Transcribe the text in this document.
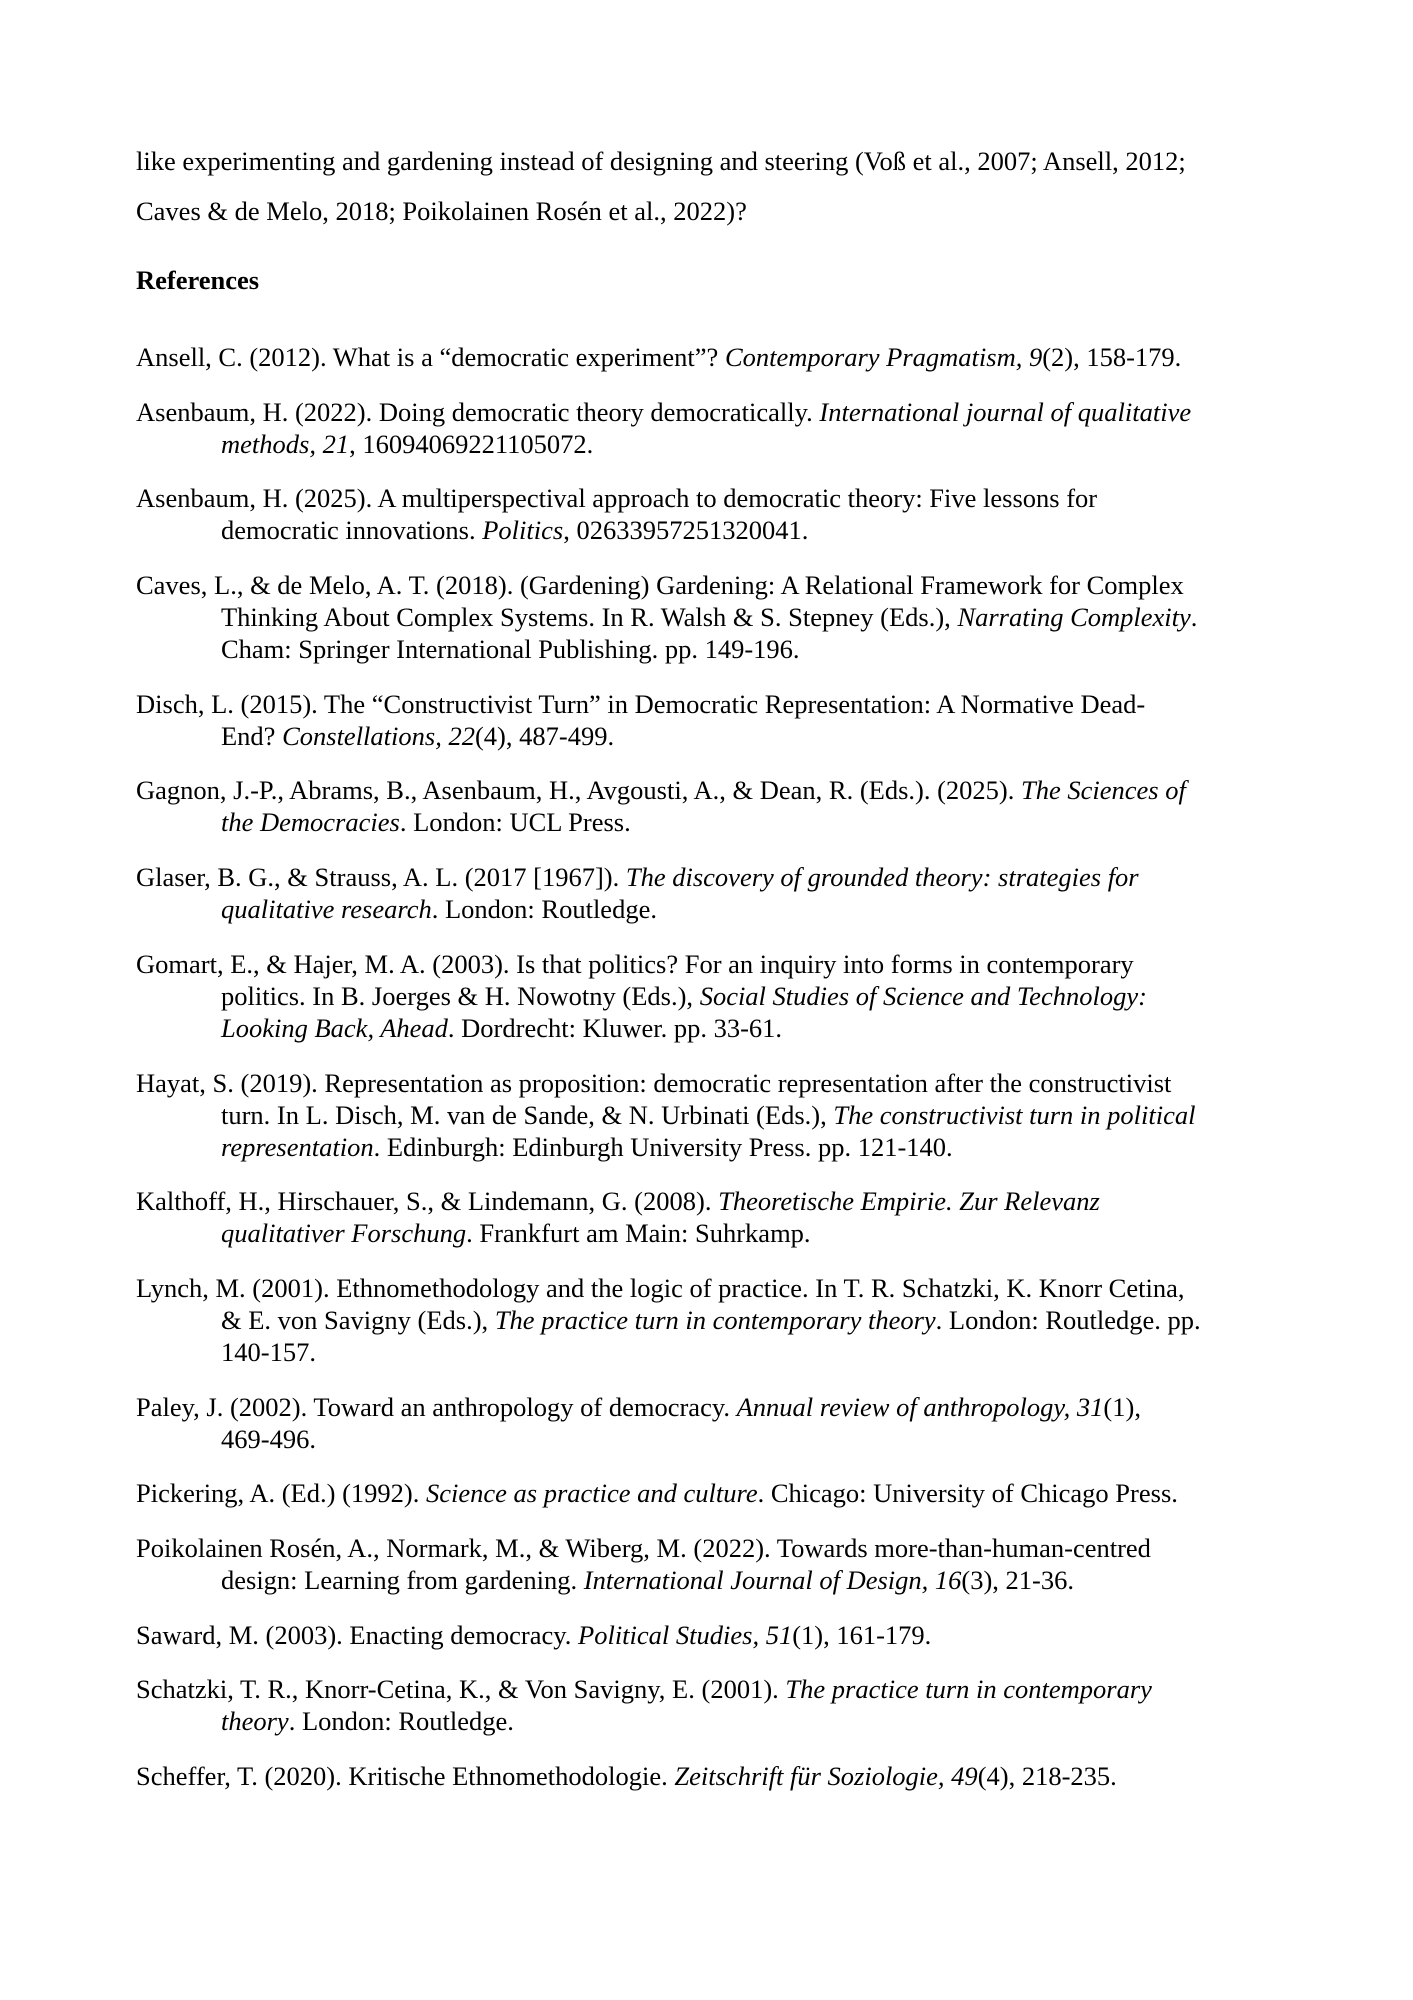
like experimenting and gardening instead of designing and steering (Voß et al., 2007; Ansell, 2012;
Caves & de Melo, 2018; Poikolainen Rosén et al., 2022)?
References
Ansell, C. (2012). What is a “democratic experiment”? Contemporary Pragmatism, 9(2), 158-179.
Asenbaum, H. (2022). Doing democratic theory democratically. International journal of qualitative
methods, 21, 16094069221105072.
Asenbaum, H. (2025). A multiperspectival approach to democratic theory: Five lessons for
democratic innovations. Politics, 02633957251320041.
Caves, L., & de Melo, A. T. (2018). (Gardening) Gardening: A Relational Framework for Complex
Thinking About Complex Systems. In R. Walsh & S. Stepney (Eds.), Narrating Complexity.
Cham: Springer International Publishing. pp. 149-196.
Disch, L. (2015). The “Constructivist Turn” in Democratic Representation: A Normative Dead-
End? Constellations, 22(4), 487-499.
Gagnon, J.-P., Abrams, B., Asenbaum, H., Avgousti, A., & Dean, R. (Eds.). (2025). The Sciences of
the Democracies. London: UCL Press.
Glaser, B. G., & Strauss, A. L. (2017 [1967]). The discovery of grounded theory: strategies for
qualitative research. London: Routledge.
Gomart, E., & Hajer, M. A. (2003). Is that politics? For an inquiry into forms in contemporary
politics. In B. Joerges & H. Nowotny (Eds.), Social Studies of Science and Technology:
Looking Back, Ahead. Dordrecht: Kluwer. pp. 33-61.
Hayat, S. (2019). Representation as proposition: democratic representation after the constructivist
turn. In L. Disch, M. van de Sande, & N. Urbinati (Eds.), The constructivist turn in political
representation. Edinburgh: Edinburgh University Press. pp. 121-140.
Kalthoff, H., Hirschauer, S., & Lindemann, G. (2008). Theoretische Empirie. Zur Relevanz
qualitativer Forschung. Frankfurt am Main: Suhrkamp.
Lynch, M. (2001). Ethnomethodology and the logic of practice. In T. R. Schatzki, K. Knorr Cetina,
& E. von Savigny (Eds.), The practice turn in contemporary theory. London: Routledge. pp.
140-157.
Paley, J. (2002). Toward an anthropology of democracy. Annual review of anthropology, 31(1),
469-496.
Pickering, A. (Ed.) (1992). Science as practice and culture. Chicago: University of Chicago Press.
Poikolainen Rosén, A., Normark, M., & Wiberg, M. (2022). Towards more-than-human-centred
design: Learning from gardening. International Journal of Design, 16(3), 21-36.
Saward, M. (2003). Enacting democracy. Political Studies, 51(1), 161-179.
Schatzki, T. R., Knorr-Cetina, K., & Von Savigny, E. (2001). The practice turn in contemporary
theory. London: Routledge.
Scheffer, T. (2020). Kritische Ethnomethodologie. Zeitschrift für Soziologie, 49(4), 218-235.
